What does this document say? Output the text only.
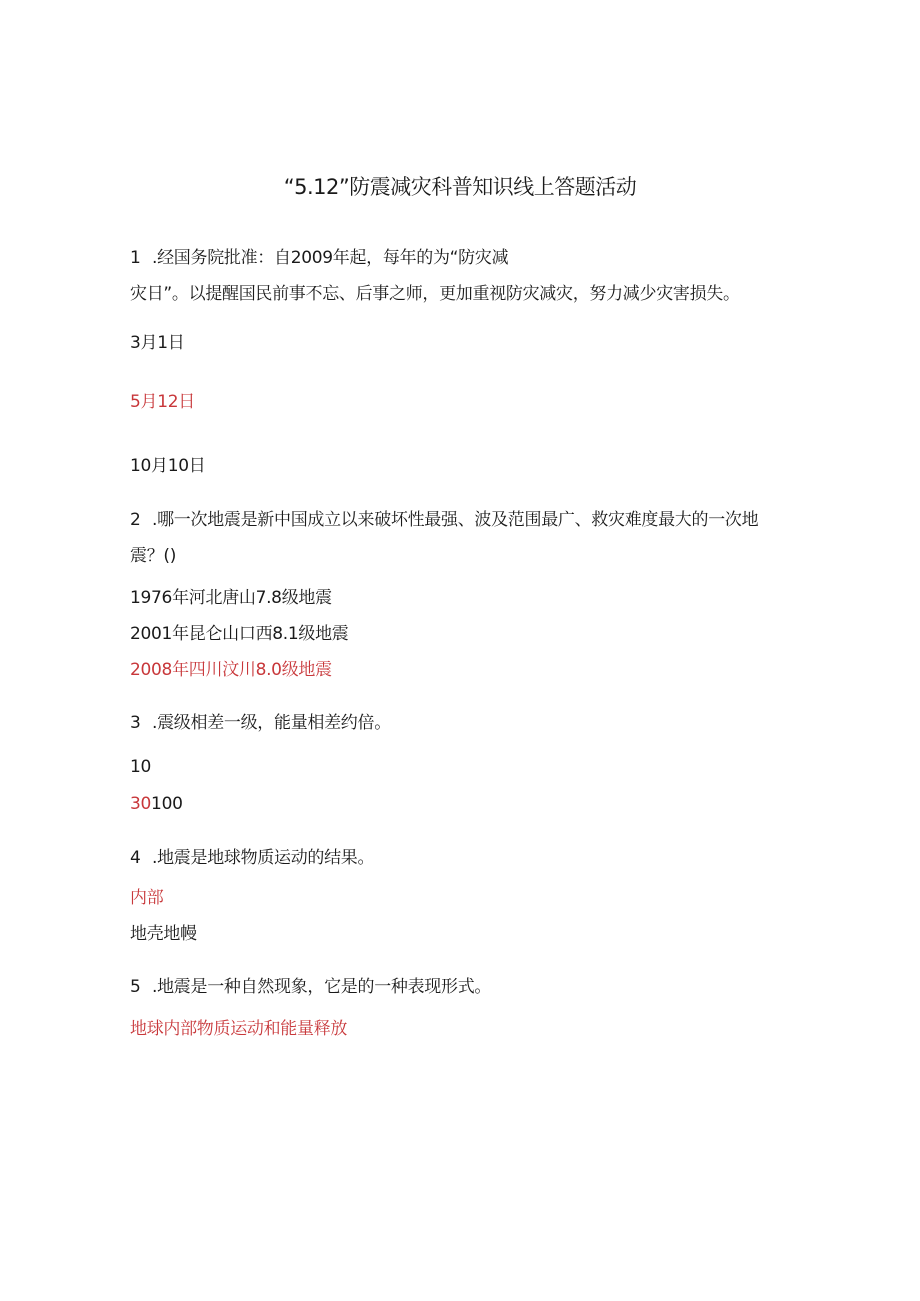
“5.12”防震减灾科普知识线上答题活动
1 .经国务院批准：自2009年起，每年的为“防灾减
灾日”。以提醒国民前事不忘、后事之师，更加重视防灾减灾，努力减少灾害损失。
3月1日
5月12日
10月10日
2 .哪一次地震是新中国成立以来破坏性最强、波及范围最广、救灾难度最大的一次地
震？()
1976年河北唐山7.8级地震
2001年昆仑山口西8.1级地震
2008年四川汶川8.0级地震
3 .震级相差一级，能量相差约倍。
10
30100
4 .地震是地球物质运动的结果。
内部
地壳地幔
5 .地震是一种自然现象，它是的一种表现形式。
地球内部物质运动和能量释放
